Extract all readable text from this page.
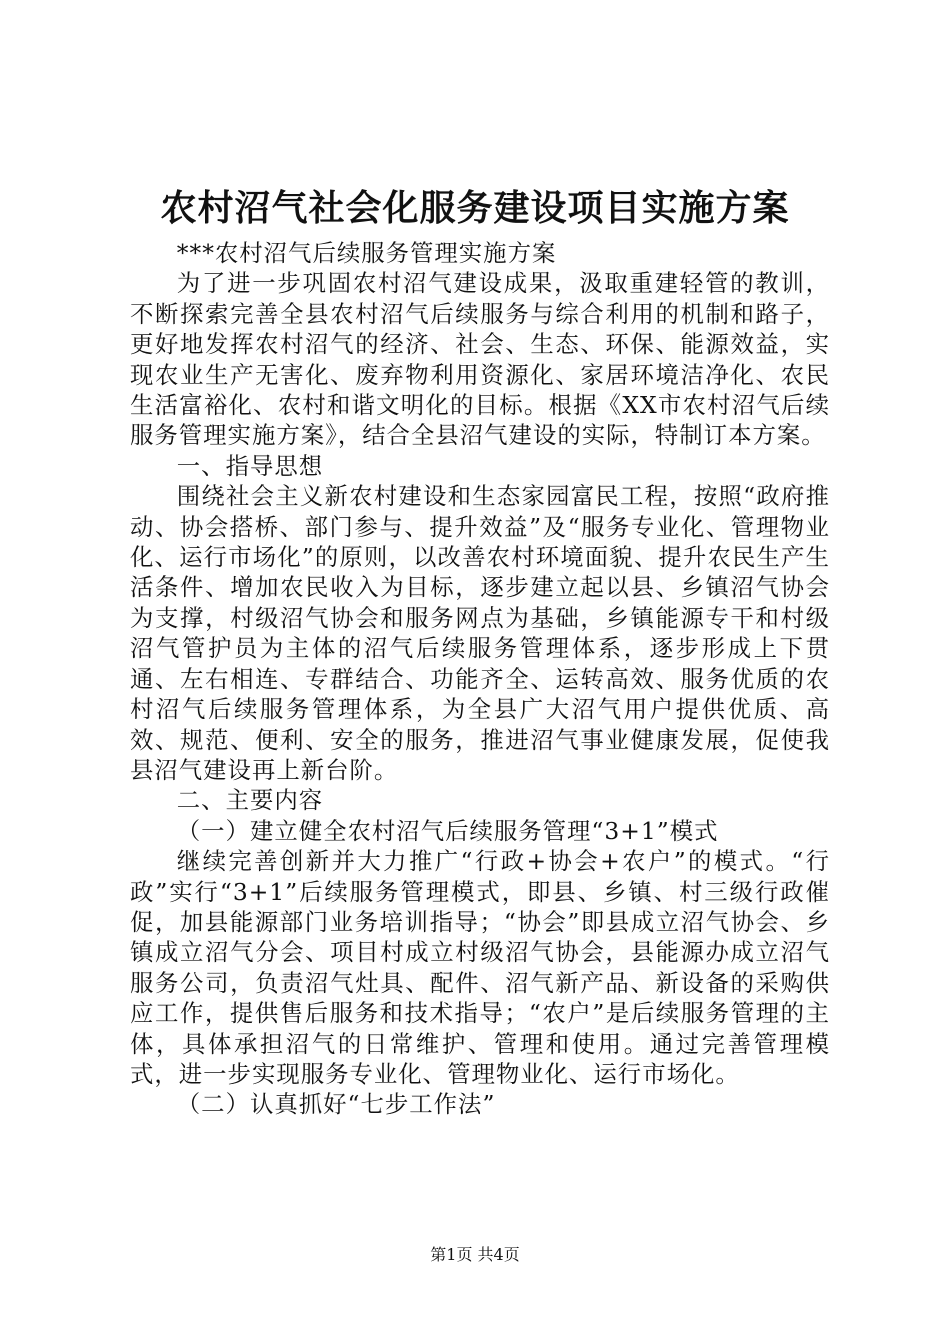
农村沼气社会化服务建设项目实施方案

***农村沼气后续服务管理实施方案

为了进一步巩固农村沼气建设成果，汲取重建轻管的教训，不断探索完善全县农村沼气后续服务与综合利用的机制和路子，更好地发挥农村沼气的经济、社会、生态、环保、能源效益，实现农业生产无害化、废弃物利用资源化、家居环境洁净化、农民生活富裕化、农村和谐文明化的目标。根据《XX市农村沼气后续服务管理实施方案》，结合全县沼气建设的实际，特制订本方案。

一、指导思想

围绕社会主义新农村建设和生态家园富民工程，按照“政府推动、协会搭桥、部门参与、提升效益”及“服务专业化、管理物业化、运行市场化”的原则，以改善农村环境面貌、提升农民生产生活条件、增加农民收入为目标，逐步建立起以县、乡镇沼气协会为支撑，村级沼气协会和服务网点为基础，乡镇能源专干和村级沼气管护员为主体的沼气后续服务管理体系，逐步形成上下贯通、左右相连、专群结合、功能齐全、运转高效、服务优质的农村沼气后续服务管理体系，为全县广大沼气用户提供优质、高效、规范、便利、安全的服务，推进沼气事业健康发展，促使我县沼气建设再上新台阶。

二、主要内容

（一）建立健全农村沼气后续服务管理“3+1”模式

继续完善创新并大力推广“行政+协会+农户”的模式。“行政”实行“3+1”后续服务管理模式，即县、乡镇、村三级行政催促，加县能源部门业务培训指导；“协会”即县成立沼气协会、乡镇成立沼气分会、项目村成立村级沼气协会，县能源办成立沼气服务公司，负责沼气灶具、配件、沼气新产品、新设备的采购供应工作，提供售后服务和技术指导；“农户”是后续服务管理的主体，具体承担沼气的日常维护、管理和使用。通过完善管理模式，进一步实现服务专业化、管理物业化、运行市场化。

（二）认真抓好“七步工作法”

第1页 共4页
